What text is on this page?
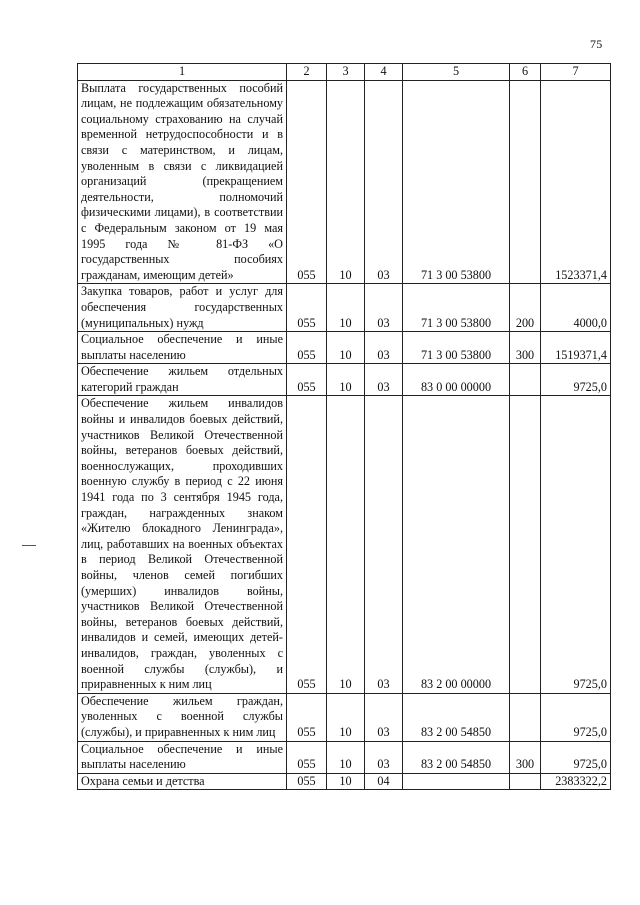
75
1	2	3	4	5	6	7

Выплата государственных пособий лицам, не подлежащим обязательному социальному страхованию на случай временной нетрудоспособности и в связи с материнством, и лицам, уволенным в связи с ликвидацией организаций (прекращением деятельности, полномочий физическими лицами), в соответствии с Федеральным законом от 19 мая 1995 года № 81-ФЗ «О государственных пособиях гражданам, имеющим детей»	055	10	03	71 3 00 53800		1523371,4

Закупка товаров, работ и услуг для обеспечения государственных (муниципальных) нужд	055	10	03	71 3 00 53800	200	4000,0

Социальное обеспечение и иные выплаты населению	055	10	03	71 3 00 53800	300	1519371,4

Обеспечение жильем отдельных категорий граждан	055	10	03	83 0 00 00000		9725,0

Обеспечение жильем инвалидов войны и инвалидов боевых действий, участников Великой Отечественной войны, ветеранов боевых действий, военнослужащих, проходивших военную службу в период с 22 июня 1941 года по 3 сентября 1945 года, граждан, награжденных знаком «Жителю блокадного Ленинграда», лиц, работавших на военных объектах в период Великой Отечественной войны, членов семей погибших (умерших) инвалидов войны, участников Великой Отечественной войны, ветеранов боевых действий, инвалидов и семей, имеющих детей-инвалидов, граждан, уволенных с военной службы (службы), и приравненных к ним лиц	055	10	03	83 2 00 00000		9725,0

Обеспечение жильем граждан, уволенных с военной службы (службы), и приравненных к ним лиц	055	10	03	83 2 00 54850		9725,0

Социальное обеспечение и иные выплаты населению	055	10	03	83 2 00 54850	300	9725,0

Охрана семьи и детства	055	10	04			2383322,2
